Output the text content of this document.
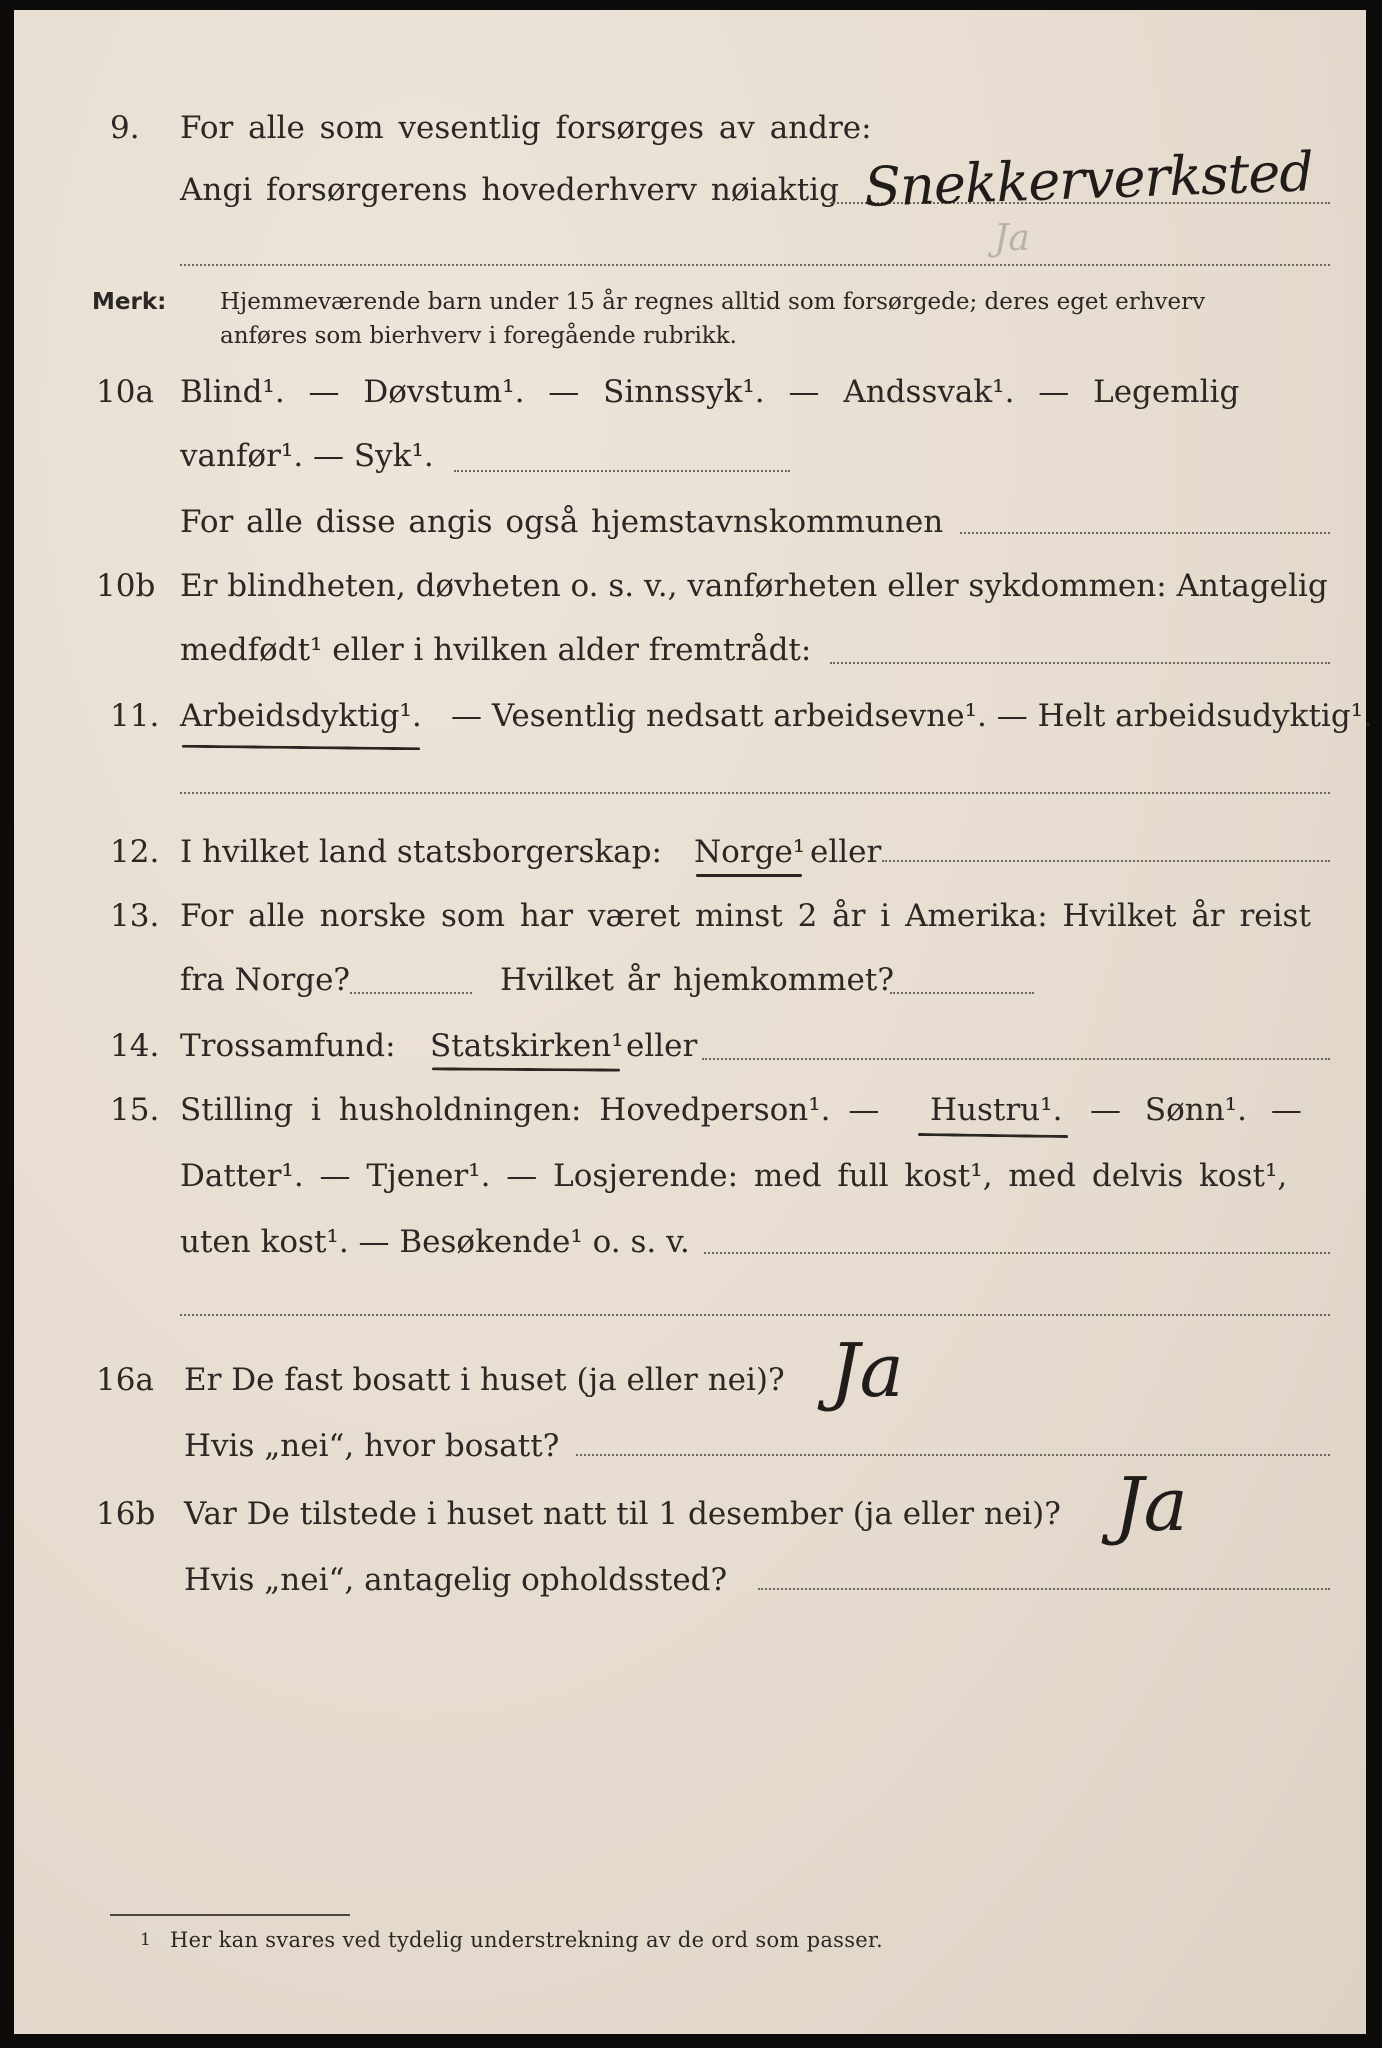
9. For alle som vesentlig forsørges av andre:
Angi forsørgerens hovederhverv nøiaktig Snekkerverksted
Ja
Merk: Hjemmeværende barn under 15 år regnes alltid som forsørgede; deres eget erhverv
anføres som bierhverv i foregående rubrikk.
10a Blind¹. — Døvstum¹. — Sinnssyk¹. — Andssvak¹. — Legemlig
vanfør¹. — Syk¹.
For alle disse angis også hjemstavnskommunen
10b Er blindheten, døvheten o. s. v., vanførheten eller sykdommen: Antagelig
medfødt¹ eller i hvilken alder fremtrådt:
11. Arbeidsdyktig¹. — Vesentlig nedsatt arbeidsevne¹. — Helt arbeidsudyktig¹.
12. I hvilket land statsborgerskap: Norge¹ eller
13. For alle norske som har været minst 2 år i Amerika: Hvilket år reist
fra Norge?	Hvilket år hjemkommet?
14. Trossamfund: Statskirken¹ eller
15. Stilling i husholdningen: Hovedperson¹. — Hustru¹. — Sønn¹. —
Datter¹. — Tjener¹. — Losjerende: med full kost¹, med delvis kost¹,
uten kost¹. — Besøkende¹ o. s. v.
16a Er De fast bosatt i huset (ja eller nei)? Ja
Hvis „nei“, hvor bosatt?
16b Var De tilstede i huset natt til 1 desember (ja eller nei)? Ja
Hvis „nei“, antagelig opholdssted?
1 Her kan svares ved tydelig understrekning av de ord som passer.
